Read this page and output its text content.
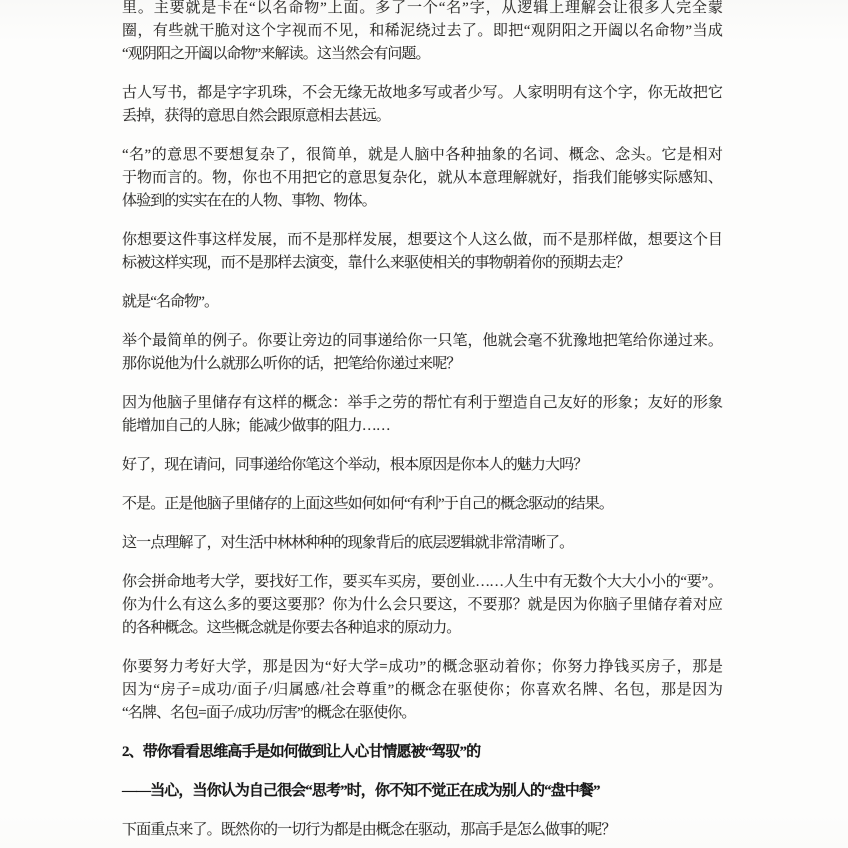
里。主要就是卡在“以名命物”上面。多了一个“名”字，从逻辑上理解会让很多人完全蒙
圈，有些就干脆对这个字视而不见，和稀泥绕过去了。即把“观阴阳之开阖以名命物”当成
“观阴阳之开阖以命物”来解读。这当然会有问题。

古人写书，都是字字玑珠，不会无缘无故地多写或者少写。人家明明有这个字，你无故把它
丢掉，获得的意思自然会跟原意相去甚远。

“名”的意思不要想复杂了，很简单，就是人脑中各种抽象的名词、概念、念头。它是相对
于物而言的。物，你也不用把它的意思复杂化，就从本意理解就好，指我们能够实际感知、
体验到的实实在在的人物、事物、物体。

你想要这件事这样发展，而不是那样发展，想要这个人这么做，而不是那样做，想要这个目
标被这样实现，而不是那样去演变，靠什么来驱使相关的事物朝着你的预期去走？

就是“名命物”。

举个最简单的例子。你要让旁边的同事递给你一只笔，他就会毫不犹豫地把笔给你递过来。
那你说他为什么就那么听你的话，把笔给你递过来呢？

因为他脑子里储存有这样的概念：举手之劳的帮忙有利于塑造自己友好的形象；友好的形象
能增加自己的人脉；能减少做事的阻力……

好了，现在请问，同事递给你笔这个举动，根本原因是你本人的魅力大吗？

不是。正是他脑子里储存的上面这些如何如何“有利”于自己的概念驱动的结果。

这一点理解了，对生活中林林种种的现象背后的底层逻辑就非常清晰了。

你会拼命地考大学，要找好工作，要买车买房，要创业……人生中有无数个大大小小的“要”。
你为什么有这么多的要这要那？你为什么会只要这，不要那？就是因为你脑子里储存着对应
的各种概念。这些概念就是你要去各种追求的原动力。

你要努力考好大学，那是因为“好大学=成功”的概念驱动着你；你努力挣钱买房子，那是
因为“房子=成功/面子/归属感/社会尊重”的概念在驱使你；你喜欢名牌、名包，那是因为
“名牌、名包=面子/成功/厉害”的概念在驱使你。

2、带你看看思维高手是如何做到让人心甘情愿被“驾驭”的

——当心，当你认为自己很会“思考”时，你不知不觉正在成为别人的“盘中餐”

下面重点来了。既然你的一切行为都是由概念在驱动，那高手是怎么做事的呢？
